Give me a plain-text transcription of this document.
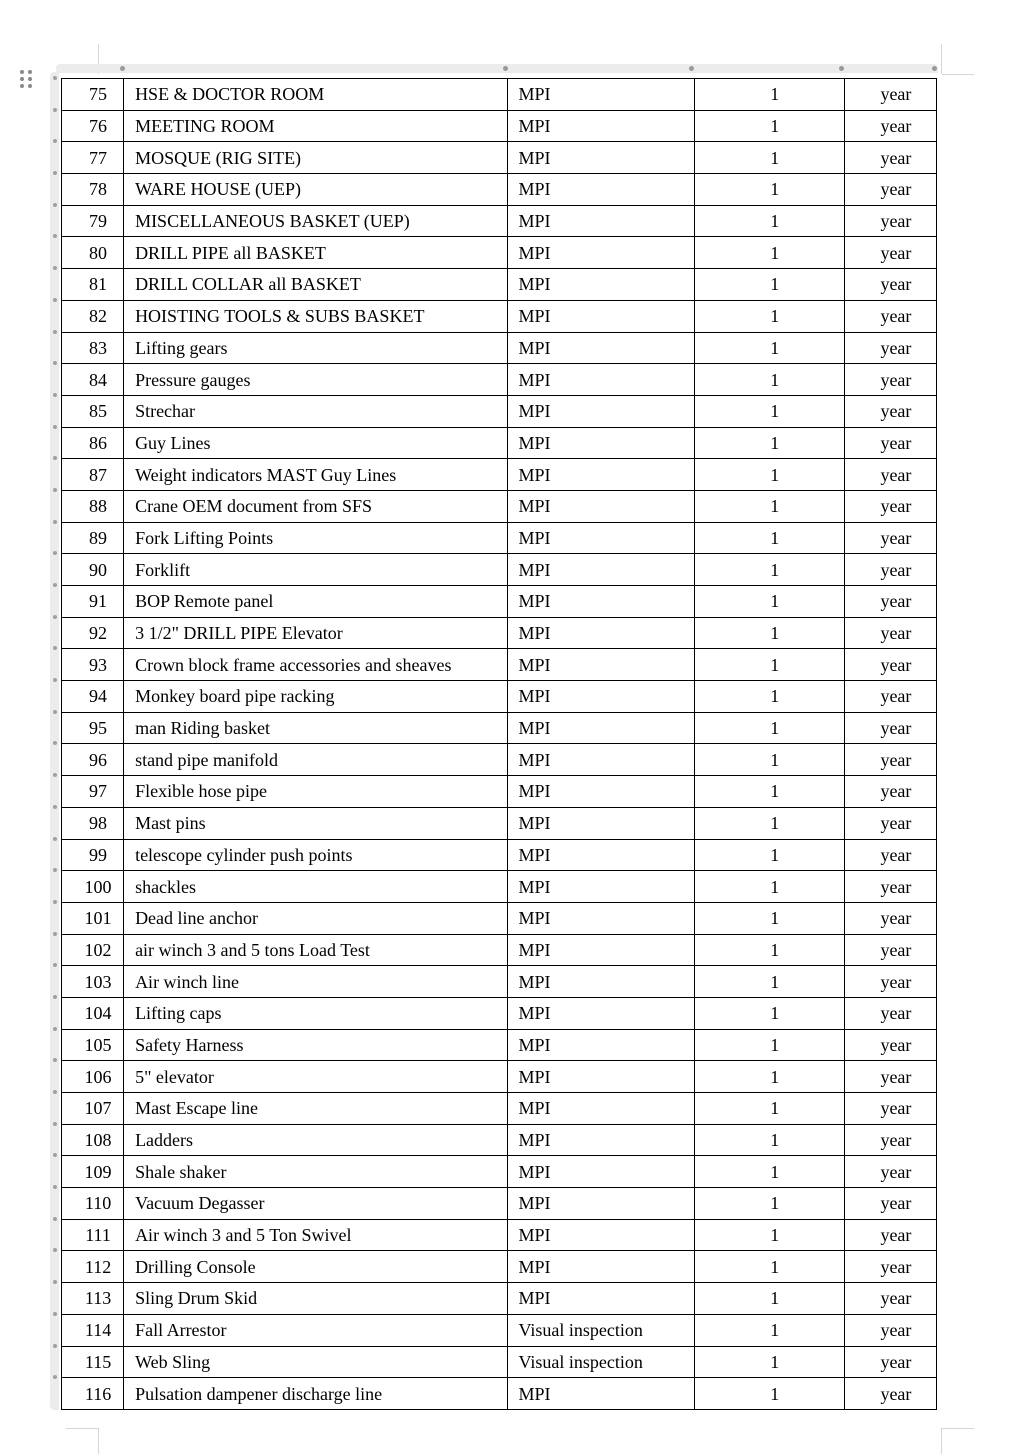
75	HSE & DOCTOR ROOM	MPI	1	year
76	MEETING ROOM	MPI	1	year
77	MOSQUE (RIG SITE)	MPI	1	year
78	WARE HOUSE (UEP)	MPI	1	year
79	MISCELLANEOUS BASKET (UEP)	MPI	1	year
80	DRILL PIPE all BASKET	MPI	1	year
81	DRILL COLLAR all BASKET	MPI	1	year
82	HOISTING TOOLS & SUBS BASKET	MPI	1	year
83	Lifting gears	MPI	1	year
84	Pressure gauges	MPI	1	year
85	Strechar	MPI	1	year
86	Guy Lines	MPI	1	year
87	Weight indicators MAST Guy Lines	MPI	1	year
88	Crane OEM document from SFS	MPI	1	year
89	Fork Lifting Points	MPI	1	year
90	Forklift	MPI	1	year
91	BOP Remote panel	MPI	1	year
92	3 1/2" DRILL PIPE Elevator	MPI	1	year
93	Crown block frame accessories and sheaves	MPI	1	year
94	Monkey board pipe racking	MPI	1	year
95	man Riding basket	MPI	1	year
96	stand pipe manifold	MPI	1	year
97	Flexible hose pipe	MPI	1	year
98	Mast pins	MPI	1	year
99	telescope cylinder push points	MPI	1	year
100	shackles	MPI	1	year
101	Dead line anchor	MPI	1	year
102	air winch 3 and 5 tons Load Test	MPI	1	year
103	Air winch line	MPI	1	year
104	Lifting caps	MPI	1	year
105	Safety Harness	MPI	1	year
106	5" elevator	MPI	1	year
107	Mast Escape line	MPI	1	year
108	Ladders	MPI	1	year
109	Shale shaker	MPI	1	year
110	Vacuum Degasser	MPI	1	year
111	Air winch 3 and 5 Ton Swivel	MPI	1	year
112	Drilling Console	MPI	1	year
113	Sling Drum Skid	MPI	1	year
114	Fall Arrestor	Visual inspection	1	year
115	Web Sling	Visual inspection	1	year
116	Pulsation dampener discharge line	MPI	1	year
